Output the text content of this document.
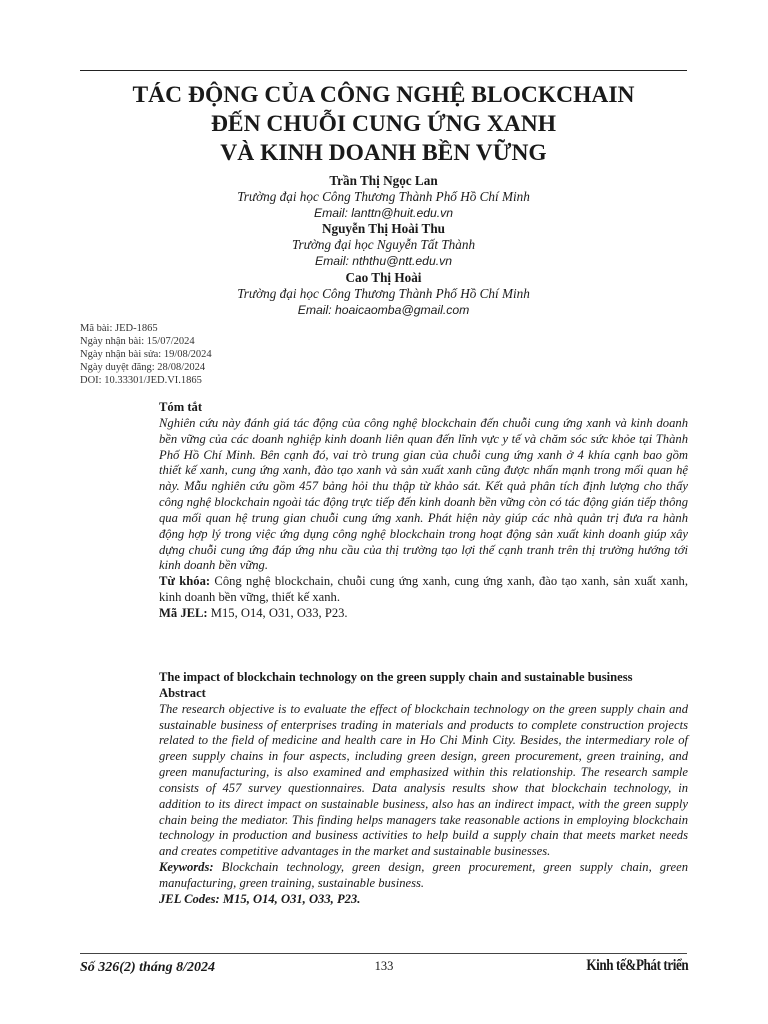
TÁC ĐỘNG CỦA CÔNG NGHỆ BLOCKCHAIN
ĐẾN CHUỖI CUNG ỨNG XANH
VÀ KINH DOANH BỀN VỮNG
Trần Thị Ngọc Lan
Trường đại học Công Thương Thành Phố Hồ Chí Minh
Email: lanttn@huit.edu.vn
Nguyễn Thị Hoài Thu
Trường đại học Nguyễn Tất Thành
Email: nththu@ntt.edu.vn
Cao Thị Hoài
Trường đại học Công Thương Thành Phố Hồ Chí Minh
Email: hoaicaomba@gmail.com
Mã bài: JED-1865
Ngày nhận bài: 15/07/2024
Ngày nhận bài sửa: 19/08/2024
Ngày duyệt đăng: 28/08/2024
DOI: 10.33301/JED.VI.1865
Tóm tắt

Nghiên cứu này đánh giá tác động của công nghệ blockchain đến chuỗi cung ứng xanh và kinh doanh bền vững của các doanh nghiệp kinh doanh liên quan đến lĩnh vực y tế và chăm sóc sức khỏe tại Thành Phố Hồ Chí Minh. Bên cạnh đó, vai trò trung gian của chuỗi cung ứng xanh ở 4 khía cạnh bao gồm thiết kế xanh, cung ứng xanh, đào tạo xanh và sản xuất xanh cũng được nhấn mạnh trong mối quan hệ này. Mẫu nghiên cứu gồm 457 bảng hỏi thu thập từ khảo sát. Kết quả phân tích định lượng cho thấy công nghệ blockchain ngoài tác động trực tiếp đến kinh doanh bền vững còn có tác động gián tiếp thông qua mối quan hệ trung gian chuỗi cung ứng xanh. Phát hiện này giúp các nhà quản trị đưa ra hành động hợp lý trong việc ứng dụng công nghệ blockchain trong hoạt động sản xuất kinh doanh giúp xây dựng chuỗi cung ứng đáp ứng nhu cầu của thị trường tạo lợi thế cạnh tranh trên thị trường hướng tới kinh doanh bền vững.

Từ khóa: Công nghệ blockchain, chuỗi cung ứng xanh, cung ứng xanh, đào tạo xanh, sản xuất xanh, kinh doanh bền vững, thiết kế xanh.

Mã JEL: M15, O14, O31, O33, P23.

The impact of blockchain technology on the green supply chain and sustainable business
Abstract

The research objective is to evaluate the effect of blockchain technology on the green supply chain and sustainable business of enterprises trading in materials and products to complete construction projects related to the field of medicine and health care in Ho Chi Minh City. Besides, the intermediary role of green supply chains in four aspects, including green design, green procurement, green training, and green manufacturing, is also examined and emphasized within this relationship. The research sample consists of 457 survey questionnaires. Data analysis results show that blockchain technology, in addition to its direct impact on sustainable business, also has an indirect impact, with the green supply chain being the mediator. This finding helps managers take reasonable actions in employing blockchain technology in production and business activities to help build a supply chain that meets market needs and creates competitive advantages in the market and sustainable businesses.

Keywords: Blockchain technology, green design, green procurement, green supply chain, green manufacturing, green training, sustainable business.

JEL Codes: M15, O14, O31, O33, P23.

Số 326(2) tháng 8/2024	133	Kinh tế&Phát triển
